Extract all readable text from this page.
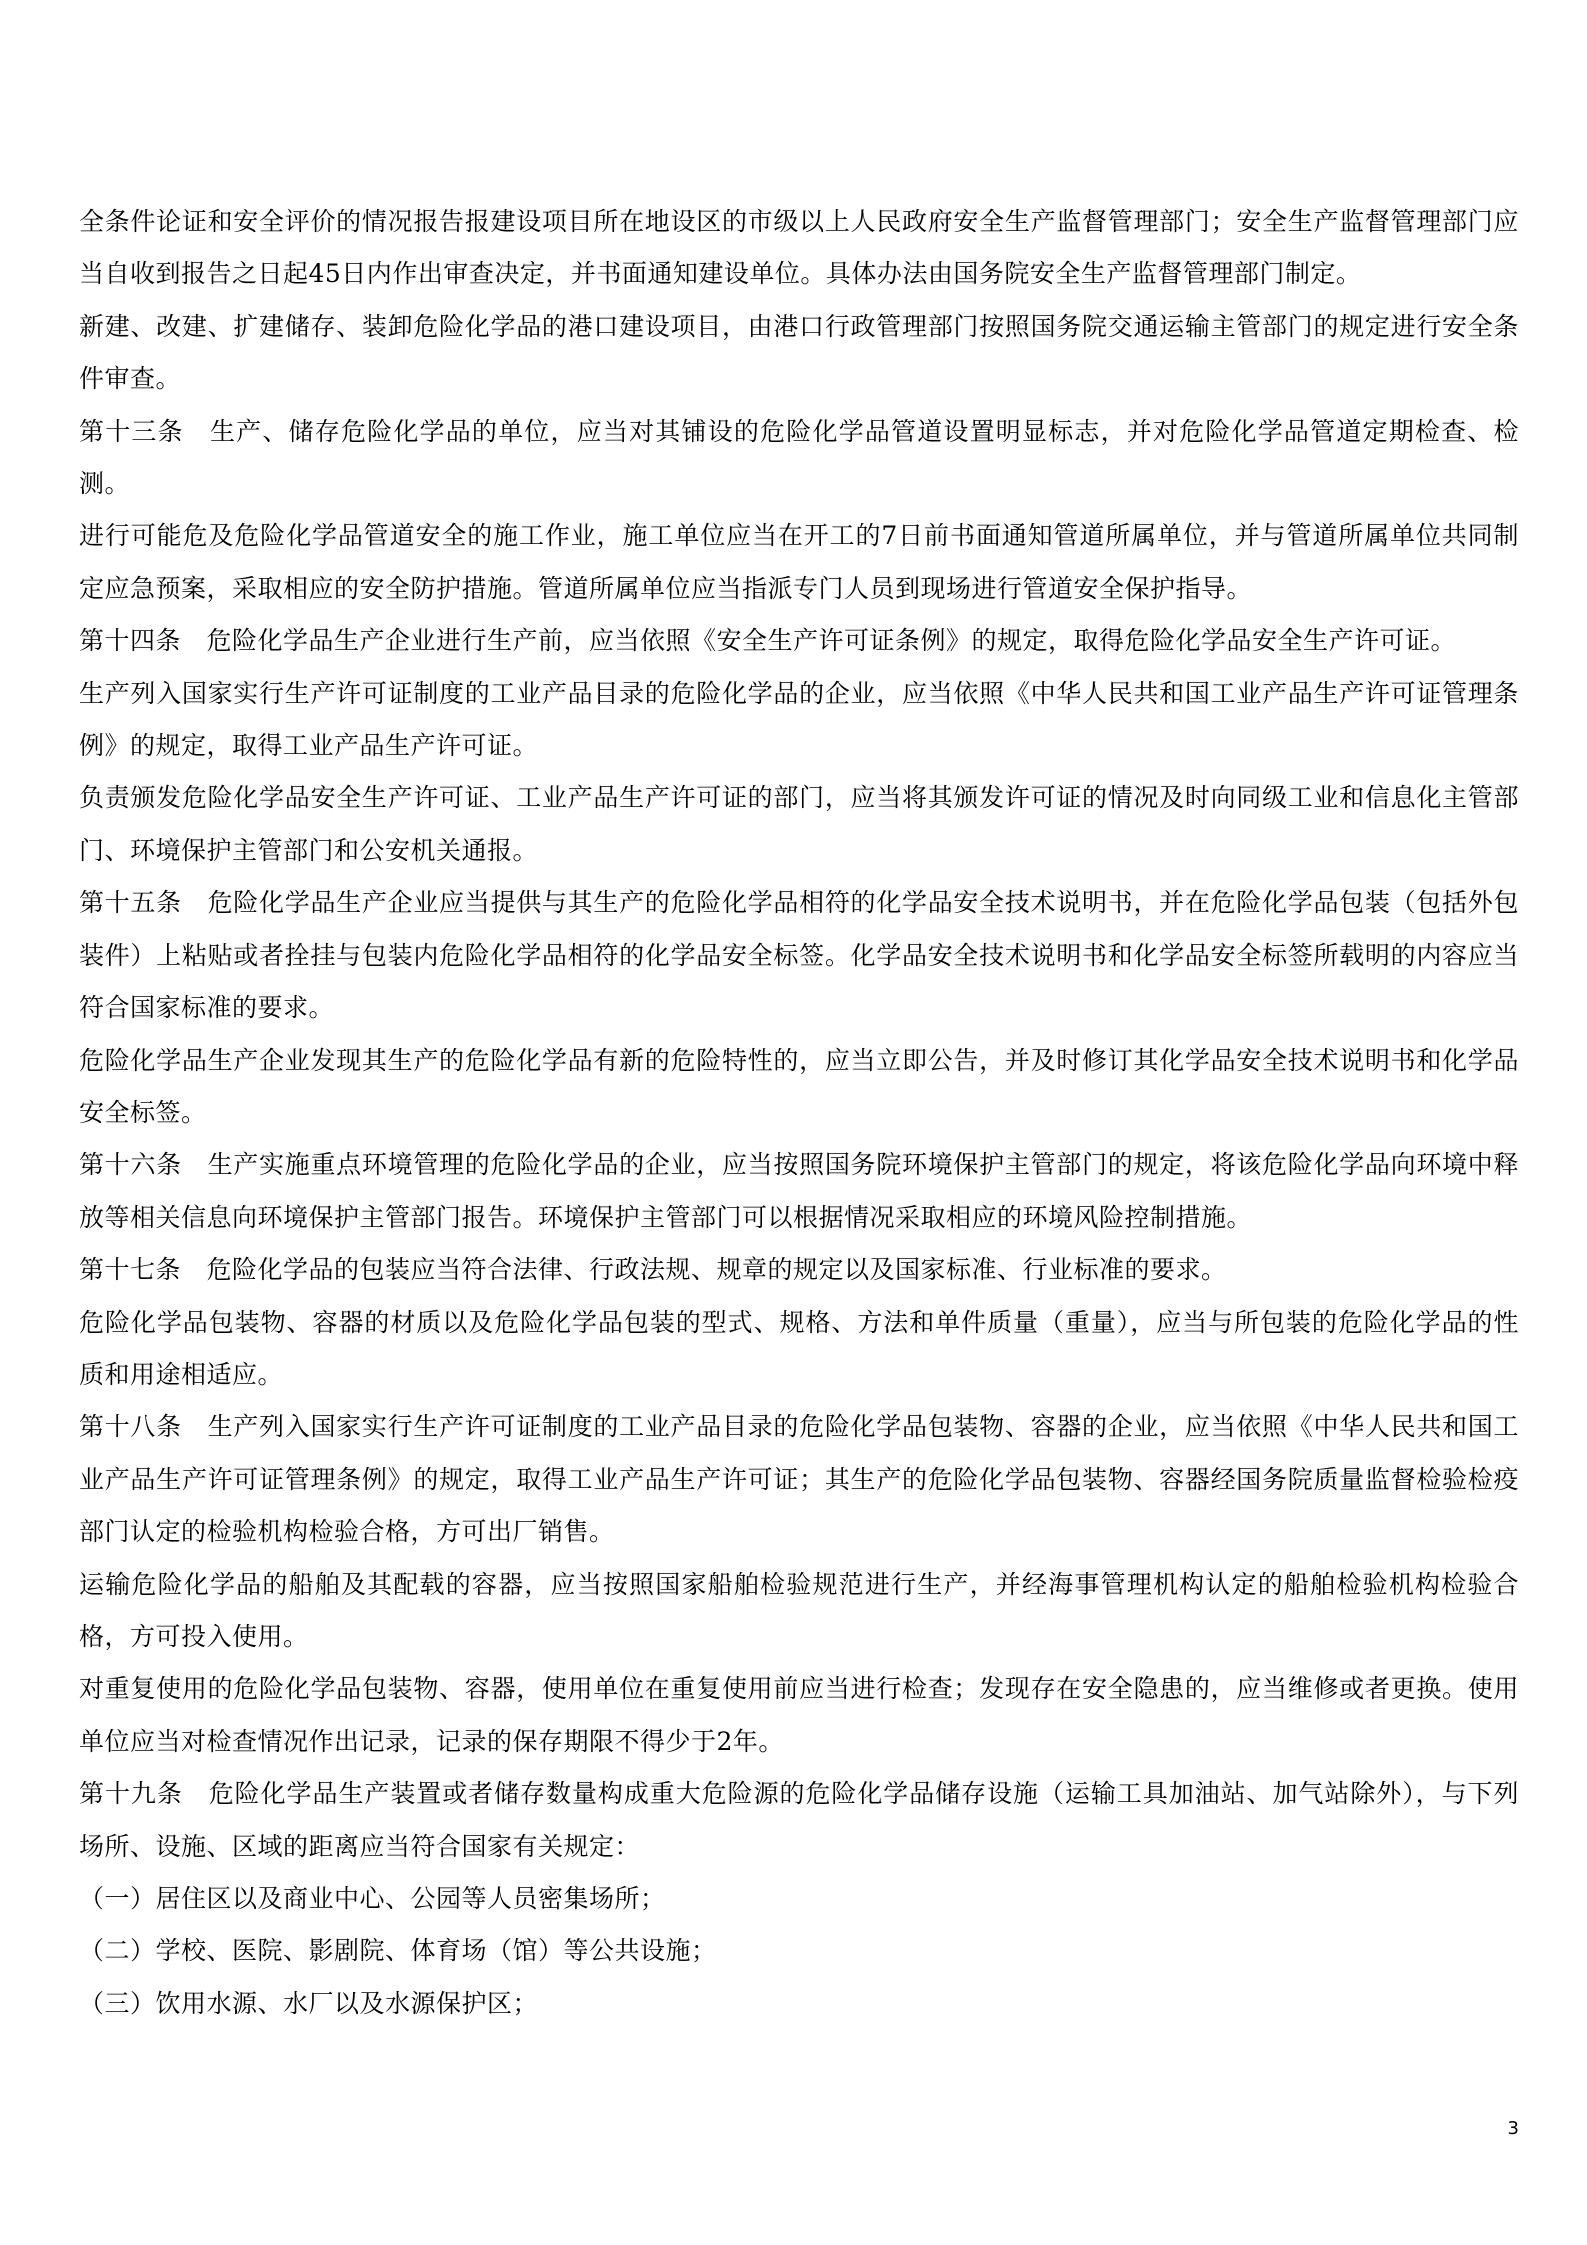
全条件论证和安全评价的情况报告报建设项目所在地设区的市级以上人民政府安全生产监督管理部门；安全生产监督管理部门应当自收到报告之日起45日内作出审查决定，并书面通知建设单位。具体办法由国务院安全生产监督管理部门制定。

新建、改建、扩建储存、装卸危险化学品的港口建设项目，由港口行政管理部门按照国务院交通运输主管部门的规定进行安全条件审查。

第十三条　生产、储存危险化学品的单位，应当对其铺设的危险化学品管道设置明显标志，并对危险化学品管道定期检查、检测。

进行可能危及危险化学品管道安全的施工作业，施工单位应当在开工的7日前书面通知管道所属单位，并与管道所属单位共同制定应急预案，采取相应的安全防护措施。管道所属单位应当指派专门人员到现场进行管道安全保护指导。

第十四条　危险化学品生产企业进行生产前，应当依照《安全生产许可证条例》的规定，取得危险化学品安全生产许可证。

生产列入国家实行生产许可证制度的工业产品目录的危险化学品的企业，应当依照《中华人民共和国工业产品生产许可证管理条例》的规定，取得工业产品生产许可证。

负责颁发危险化学品安全生产许可证、工业产品生产许可证的部门，应当将其颁发许可证的情况及时向同级工业和信息化主管部门、环境保护主管部门和公安机关通报。

第十五条　危险化学品生产企业应当提供与其生产的危险化学品相符的化学品安全技术说明书，并在危险化学品包装（包括外包装件）上粘贴或者拴挂与包装内危险化学品相符的化学品安全标签。化学品安全技术说明书和化学品安全标签所载明的内容应当符合国家标准的要求。

危险化学品生产企业发现其生产的危险化学品有新的危险特性的，应当立即公告，并及时修订其化学品安全技术说明书和化学品安全标签。

第十六条　生产实施重点环境管理的危险化学品的企业，应当按照国务院环境保护主管部门的规定，将该危险化学品向环境中释放等相关信息向环境保护主管部门报告。环境保护主管部门可以根据情况采取相应的环境风险控制措施。

第十七条　危险化学品的包装应当符合法律、行政法规、规章的规定以及国家标准、行业标准的要求。

危险化学品包装物、容器的材质以及危险化学品包装的型式、规格、方法和单件质量（重量），应当与所包装的危险化学品的性质和用途相适应。

第十八条　生产列入国家实行生产许可证制度的工业产品目录的危险化学品包装物、容器的企业，应当依照《中华人民共和国工业产品生产许可证管理条例》的规定，取得工业产品生产许可证；其生产的危险化学品包装物、容器经国务院质量监督检验检疫部门认定的检验机构检验合格，方可出厂销售。

运输危险化学品的船舶及其配载的容器，应当按照国家船舶检验规范进行生产，并经海事管理机构认定的船舶检验机构检验合格，方可投入使用。

对重复使用的危险化学品包装物、容器，使用单位在重复使用前应当进行检查；发现存在安全隐患的，应当维修或者更换。使用单位应当对检查情况作出记录，记录的保存期限不得少于2年。

第十九条　危险化学品生产装置或者储存数量构成重大危险源的危险化学品储存设施（运输工具加油站、加气站除外），与下列场所、设施、区域的距离应当符合国家有关规定：

（一）居住区以及商业中心、公园等人员密集场所；

（二）学校、医院、影剧院、体育场（馆）等公共设施；

（三）饮用水源、水厂以及水源保护区；

3
